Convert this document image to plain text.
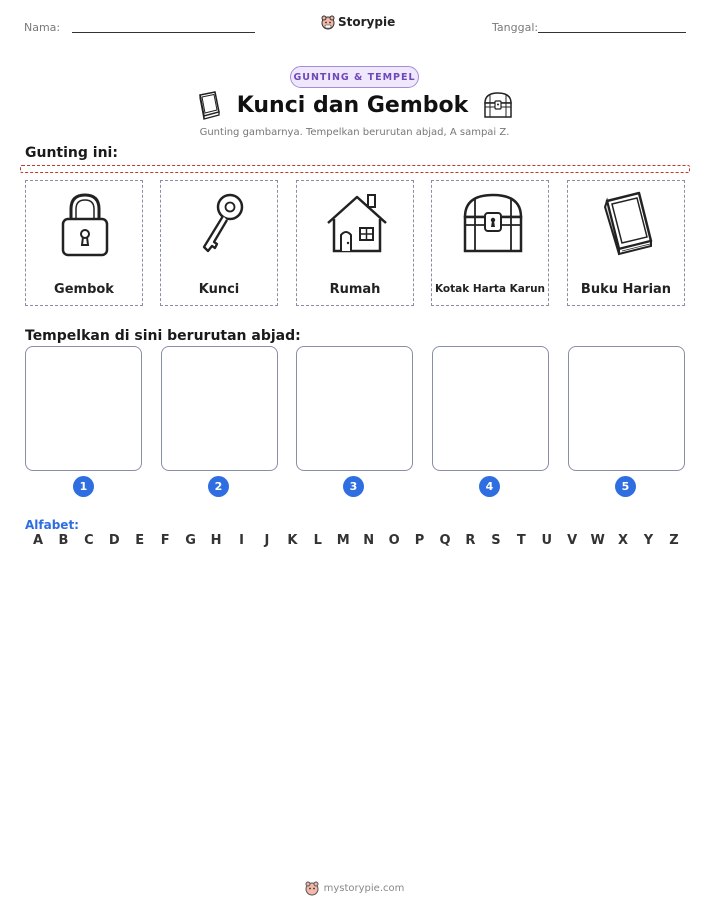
Nama:	Storypie	Tanggal:
GUNTING & TEMPEL
Kunci dan Gembok
Gunting gambarnya. Tempelkan berurutan abjad, A sampai Z.
Gunting ini:
Gembok	Kunci	Rumah	Kotak Harta Karun	Buku Harian
Tempelkan di sini berurutan abjad:
1	2	3	4	5
Alfabet:
A B C D E F G H	I	J	K L M N O P Q R S T U V W X Y Z
mystorypie.com
